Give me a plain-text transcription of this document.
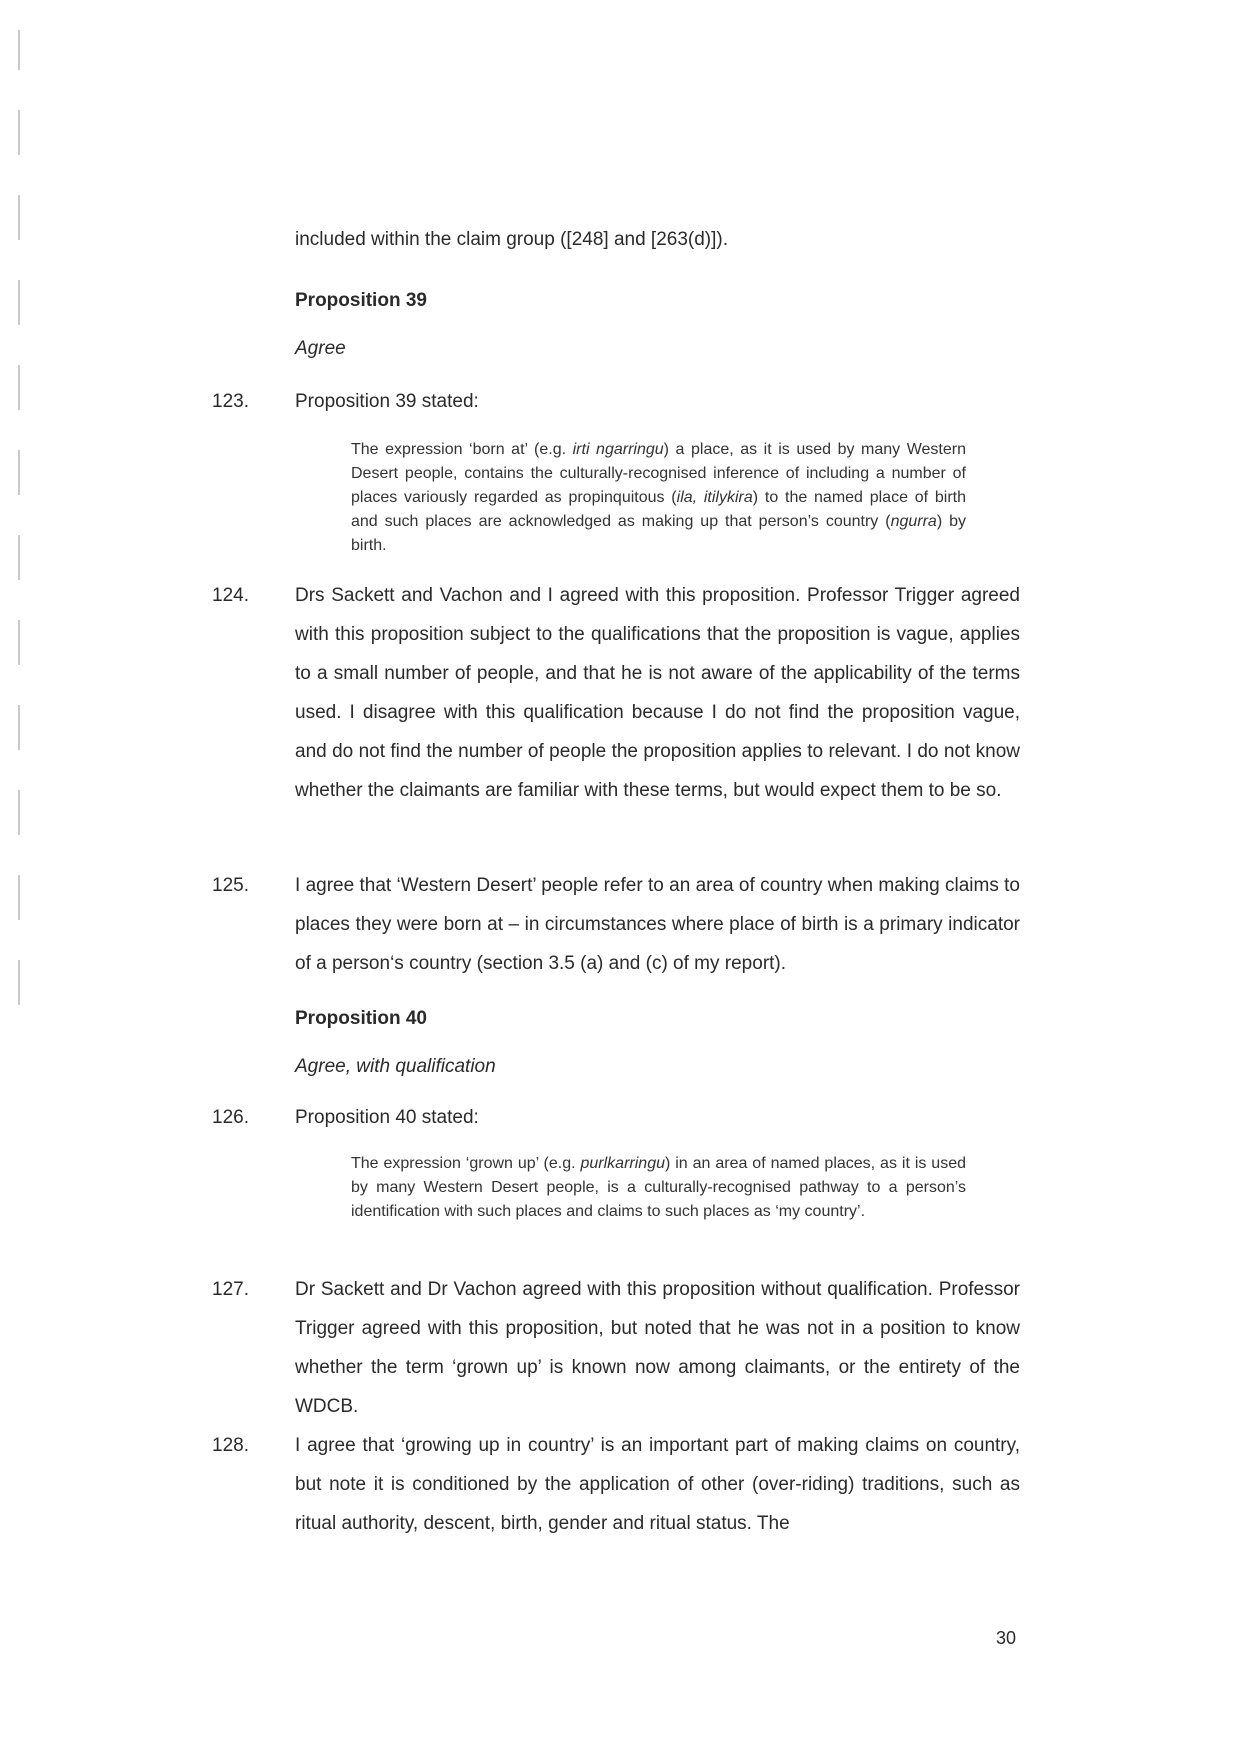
included within the claim group ([248] and [263(d)]).

Proposition 39

Agree

123. Proposition 39 stated:

The expression ‘born at’ (e.g. irti ngarringu) a place, as it is used by many Western Desert people, contains the culturally-recognised inference of including a number of places variously regarded as propinquitous (ila, itilykira) to the named place of birth and such places are acknowledged as making up that person’s country (ngurra) by birth.

124. Drs Sackett and Vachon and I agreed with this proposition. Professor Trigger agreed with this proposition subject to the qualifications that the proposition is vague, applies to a small number of people, and that he is not aware of the applicability of the terms used. I disagree with this qualification because I do not find the proposition vague, and do not find the number of people the proposition applies to relevant. I do not know whether the claimants are familiar with these terms, but would expect them to be so.

125. I agree that ‘Western Desert’ people refer to an area of country when making claims to places they were born at – in circumstances where place of birth is a primary indicator of a person‘s country (section 3.5 (a) and (c) of my report).

Proposition 40

Agree, with qualification

126. Proposition 40 stated:

The expression ‘grown up’ (e.g. purlkarringu) in an area of named places, as it is used by many Western Desert people, is a culturally-recognised pathway to a person’s identification with such places and claims to such places as ‘my country’.

127. Dr Sackett and Dr Vachon agreed with this proposition without qualification. Professor Trigger agreed with this proposition, but noted that he was not in a position to know whether the term ‘grown up’ is known now among claimants, or the entirety of the WDCB.

128. I agree that ‘growing up in country’ is an important part of making claims on country, but note it is conditioned by the application of other (over-riding) traditions, such as ritual authority, descent, birth, gender and ritual status. The

30
